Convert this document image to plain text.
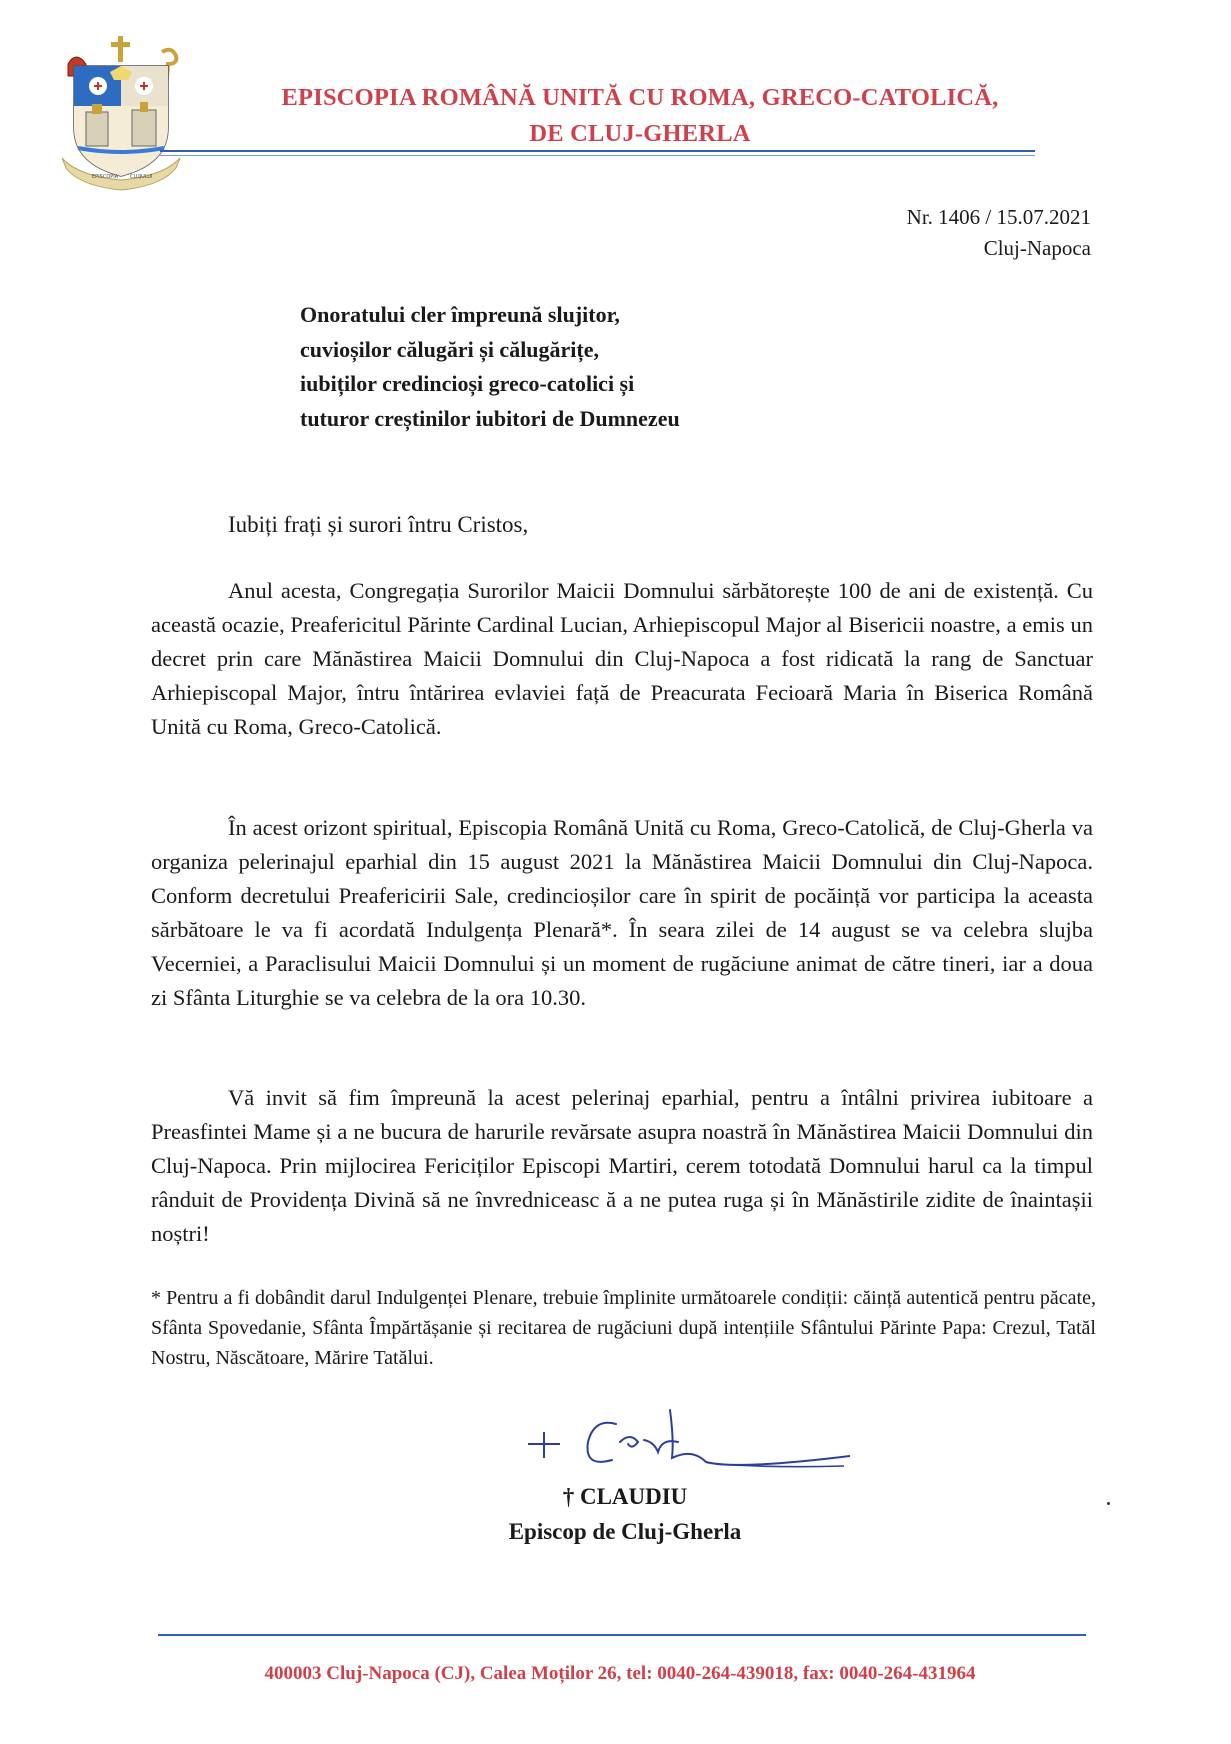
EPISCOPIA CLUJULUI
EPISCOPIA ROMÂNĂ UNITĂ CU ROMA, GRECO-CATOLICĂ,
DE CLUJ-GHERLA
Nr. 1406 / 15.07.2021
Cluj-Napoca
Onoratului cler împreună slujitor,
cuvioșilor călugări și călugărițe,
iubiților credincioși greco-catolici și
tuturor creștinilor iubitori de Dumnezeu
Iubiți frați și surori întru Cristos,
Anul acesta, Congregația Surorilor Maicii Domnului sărbătorește 100 de ani de existență. Cu această ocazie, Preafericitul Părinte Cardinal Lucian, Arhiepiscopul Major al Bisericii noastre, a emis un decret prin care Mănăstirea Maicii Domnului din Cluj-Napoca a fost ridicată la rang de Sanctuar Arhiepiscopal Major, întru întărirea evlaviei față de Preacurata Fecioară Maria în Biserica Română Unită cu Roma, Greco-Catolică.
În acest orizont spiritual, Episcopia Română Unită cu Roma, Greco-Catolică, de Cluj-Gherla va organiza pelerinajul eparhial din 15 august 2021 la Mănăstirea Maicii Domnului din Cluj-Napoca. Conform decretului Preafericirii Sale, credincioșilor care în spirit de pocăință vor participa la aceasta sărbătoare le va fi acordată Indulgența Plenară*. În seara zilei de 14 august se va celebra slujba Vecerniei, a Paraclisului Maicii Domnului și un moment de rugăciune animat de către tineri, iar a doua zi Sfânta Liturghie se va celebra de la ora 10.30.
Vă invit să fim împreună la acest pelerinaj eparhial, pentru a întâlni privirea iubitoare a Preasfintei Mame și a ne bucura de harurile revărsate asupra noastră în Mănăstirea Maicii Domnului din Cluj-Napoca. Prin mijlocirea Fericiților Episcopi Martiri, cerem totodată Domnului harul ca la timpul rânduit de Providența Divină să ne învredniceasc ă a ne putea ruga și în Mănăstirile zidite de înaintașii noștri!
* Pentru a fi dobândit darul Indulgenței Plenare, trebuie împlinite următoarele condiții: căință autentică pentru păcate, Sfânta Spovedanie, Sfânta Împărtășanie și recitarea de rugăciuni după intențiile Sfântului Părinte Papa: Crezul, Tatăl Nostru, Născătoare, Mărire Tatălui.
† CLAUDIU
Episcop de Cluj-Gherla
400003 Cluj-Napoca (CJ), Calea Moților 26, tel: 0040-264-439018, fax: 0040-264-431964
